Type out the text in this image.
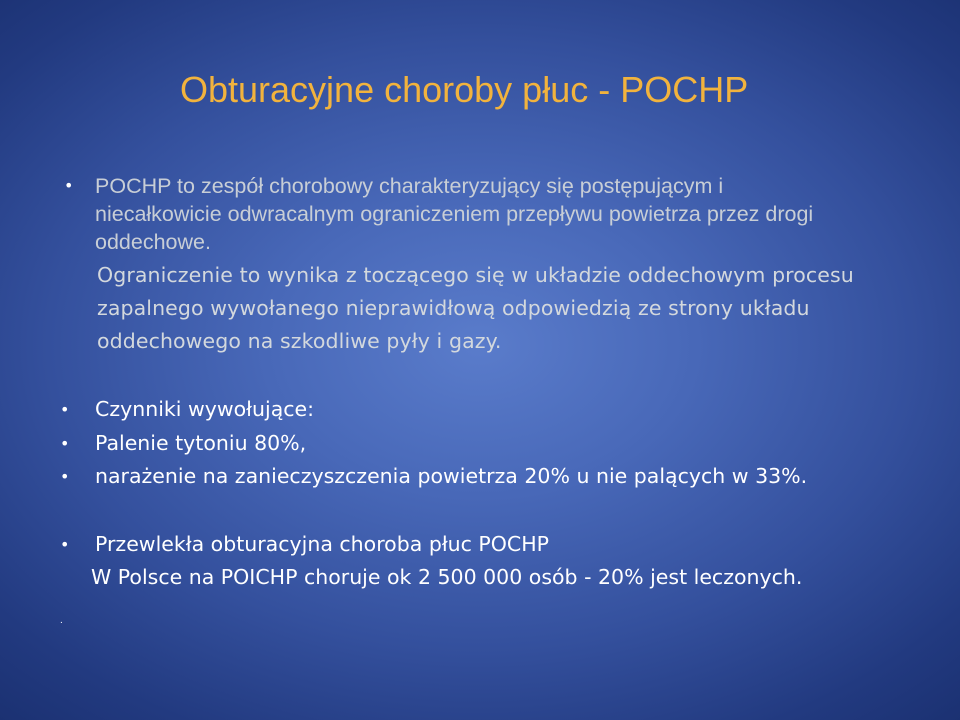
Obturacyjne choroby płuc - POCHP
• POCHP to zespół chorobowy charakteryzujący się postępującym i niecałkowicie odwracalnym ograniczeniem przepływu powietrza przez drogi oddechowe.
Ograniczenie to wynika z toczącego się w układzie oddechowym procesu zapalnego wywołanego nieprawidłową odpowiedzią ze strony układu oddechowego na szkodliwe pyły i gazy.
• Czynniki wywołujące:
• Palenie tytoniu 80%,
• narażenie na zanieczyszczenia powietrza 20% u nie palących w 33%.
• Przewlekła obturacyjna choroba płuc POCHP
W Polsce na POICHP choruje ok 2 500 000 osób - 20% jest leczonych.
.
